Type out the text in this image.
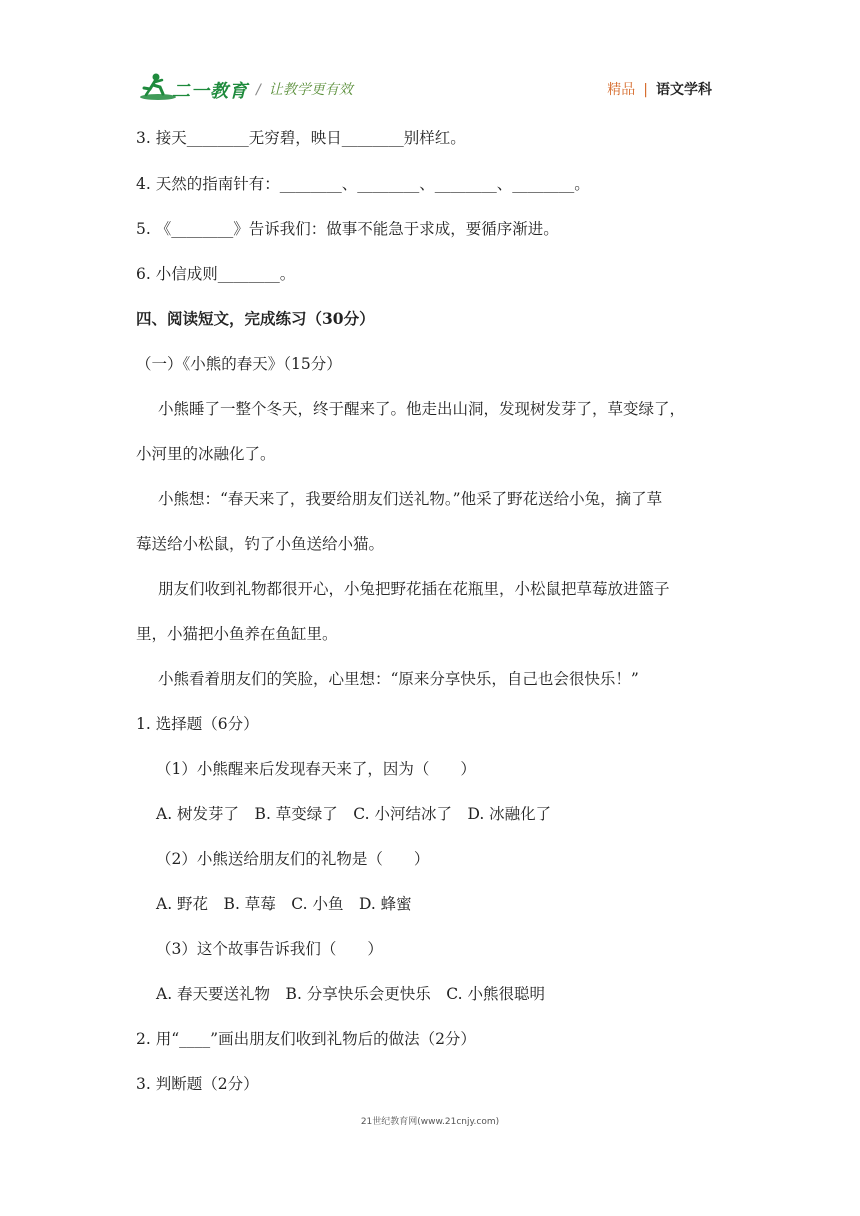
二一教育 / 让教学更有效	精品 | 语文学科
3. 接天________无穷碧，映日________别样红。
4. 天然的指南针有：________、________、________、________。
5. 《________》告诉我们：做事不能急于求成，要循序渐进。
6. 小信成则________。
四、阅读短文，完成练习（30分）
（一）《小熊的春天》（15分）
小熊睡了一整个冬天，终于醒来了。他走出山洞，发现树发芽了，草变绿了，
小河里的冰融化了。
小熊想：“春天来了，我要给朋友们送礼物。”他采了野花送给小兔，摘了草
莓送给小松鼠，钓了小鱼送给小猫。
朋友们收到礼物都很开心，小兔把野花插在花瓶里，小松鼠把草莓放进篮子
里，小猫把小鱼养在鱼缸里。
小熊看着朋友们的笑脸，心里想：“原来分享快乐，自己也会很快乐！”
1. 选择题（6分）
（1）小熊醒来后发现春天来了，因为（　　）
A. 树发芽了　B. 草变绿了　C. 小河结冰了　D. 冰融化了
（2）小熊送给朋友们的礼物是（　　）
A. 野花　B. 草莓　C. 小鱼　D. 蜂蜜
（3）这个故事告诉我们（　　）
A. 春天要送礼物　B. 分享快乐会更快乐　C. 小熊很聪明
2. 用“____”画出朋友们收到礼物后的做法（2分）
3. 判断题（2分）
21世纪教育网(www.21cnjy.com)
